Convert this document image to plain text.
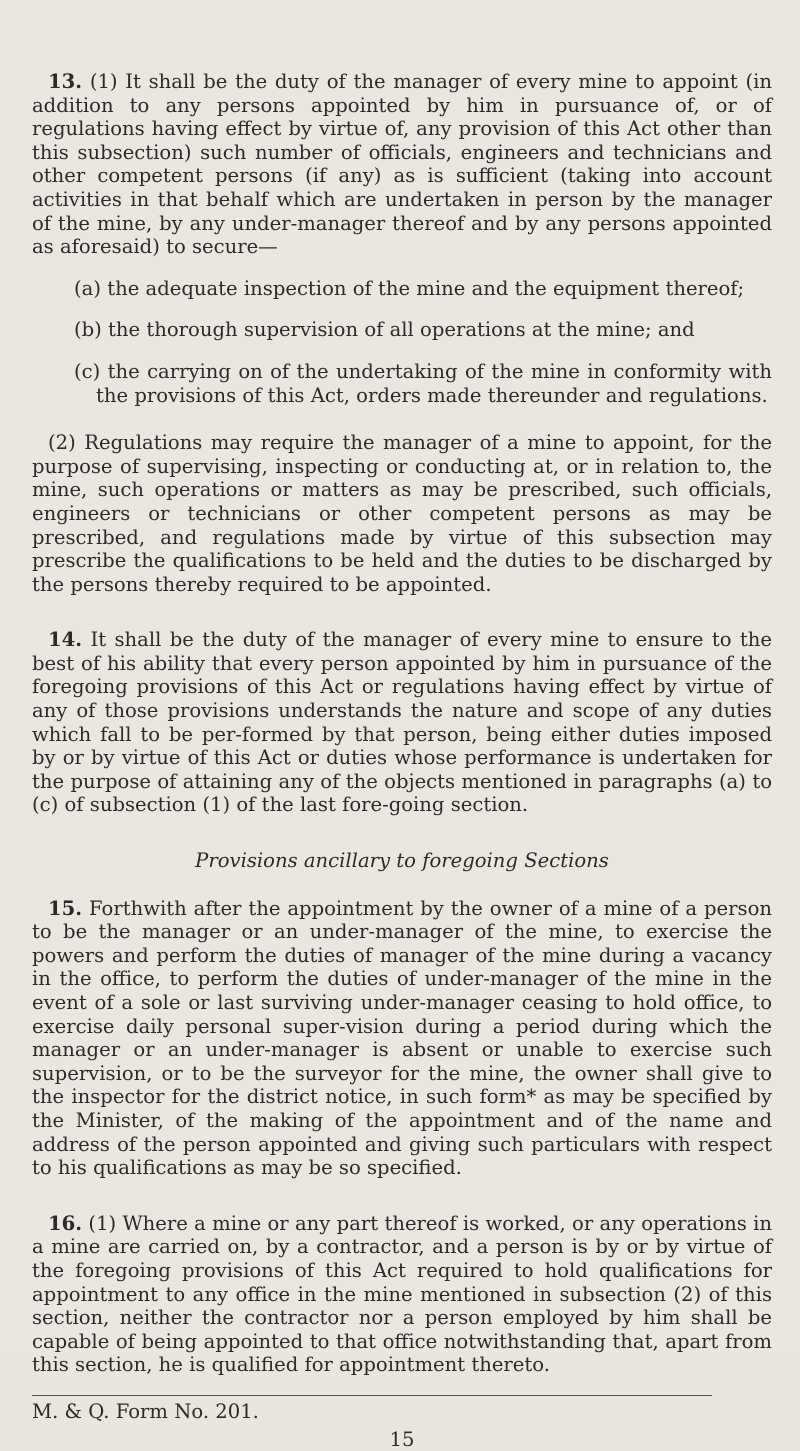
13. (1) It shall be the duty of the manager of every mine to appoint (in addition to any persons appointed by him in pursuance of, or of regulations having effect by virtue of, any provision of this Act other than this subsection) such number of officials, engineers and technicians and other competent persons (if any) as is sufficient (taking into account activities in that behalf which are undertaken in person by the manager of the mine, by any under-manager thereof and by any persons appointed as aforesaid) to secure—

(a) the adequate inspection of the mine and the equipment thereof;

(b) the thorough supervision of all operations at the mine; and

(c) the carrying on of the undertaking of the mine in conformity with the provisions of this Act, orders made thereunder and regulations.

(2) Regulations may require the manager of a mine to appoint, for the purpose of supervising, inspecting or conducting at, or in relation to, the mine, such operations or matters as may be prescribed, such officials, engineers or technicians or other competent persons as may be prescribed, and regulations made by virtue of this subsection may prescribe the qualifications to be held and the duties to be discharged by the persons thereby required to be appointed.

14. It shall be the duty of the manager of every mine to ensure to the best of his ability that every person appointed by him in pursuance of the foregoing provisions of this Act or regulations having effect by virtue of any of those provisions understands the nature and scope of any duties which fall to be per-formed by that person, being either duties imposed by or by virtue of this Act or duties whose performance is undertaken for the purpose of attaining any of the objects mentioned in paragraphs (a) to (c) of subsection (1) of the last fore-going section.

Provisions ancillary to foregoing Sections

15. Forthwith after the appointment by the owner of a mine of a person to be the manager or an under-manager of the mine, to exercise the powers and perform the duties of manager of the mine during a vacancy in the office, to perform the duties of under-manager of the mine in the event of a sole or last surviving under-manager ceasing to hold office, to exercise daily personal super-vision during a period during which the manager or an under-manager is absent or unable to exercise such supervision, or to be the surveyor for the mine, the owner shall give to the inspector for the district notice, in such form* as may be specified by the Minister, of the making of the appointment and of the name and address of the person appointed and giving such particulars with respect to his qualifications as may be so specified.

16. (1) Where a mine or any part thereof is worked, or any operations in a mine are carried on, by a contractor, and a person is by or by virtue of the foregoing provisions of this Act required to hold qualifications for appointment to any office in the mine mentioned in subsection (2) of this section, neither the contractor nor a person employed by him shall be capable of being appointed to that office notwithstanding that, apart from this section, he is qualified for appointment thereto.

M. & Q. Form No. 201.

15
